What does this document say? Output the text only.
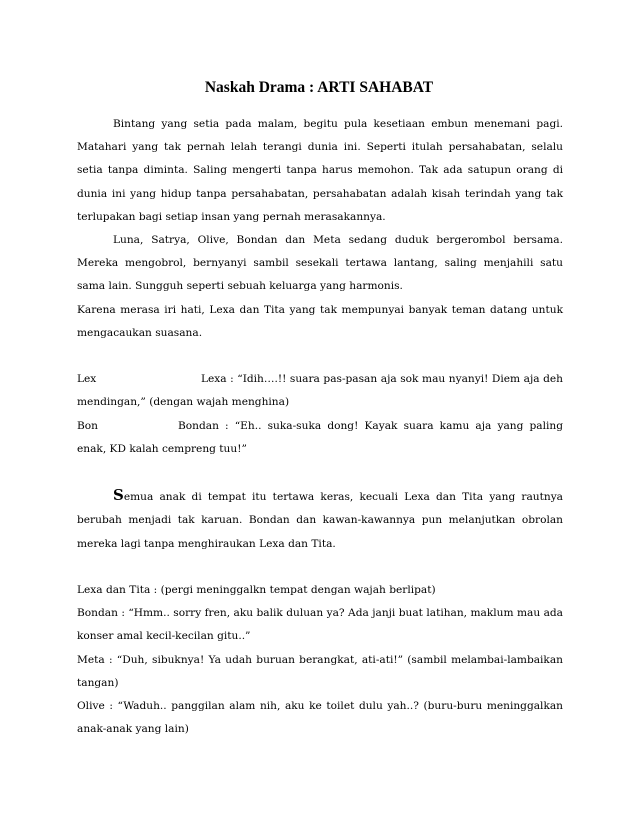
Naskah Drama : ARTI SAHABAT

Bintang yang setia pada malam, begitu pula kesetiaan embun menemani pagi. Matahari yang tak pernah lelah terangi dunia ini. Seperti itulah persahabatan, selalu setia tanpa diminta. Saling mengerti tanpa harus memohon. Tak ada satupun orang di dunia ini yang hidup tanpa persahabatan, persahabatan adalah kisah terindah yang tak terlupakan bagi setiap insan yang pernah merasakannya.

Luna, Satrya, Olive, Bondan dan Meta sedang duduk bergerombol bersama. Mereka mengobrol, bernyanyi sambil sesekali tertawa lantang, saling menjahili satu sama lain. Sungguh seperti sebuah keluarga yang harmonis.

Karena merasa iri hati, Lexa dan Tita yang tak mempunyai banyak teman datang untuk mengacaukan suasana.

Lex	Lexa : “Idih….!! suara pas-pasan aja sok mau nyanyi! Diem aja deh mendingan,” (dengan wajah menghina)

Bon	Bondan : “Eh.. suka-suka dong! Kayak suara kamu aja yang paling enak, KD kalah cempreng tuu!”

Semua anak di tempat itu tertawa keras, kecuali Lexa dan Tita yang rautnya berubah menjadi tak karuan. Bondan dan kawan-kawannya pun melanjutkan obrolan mereka lagi tanpa menghiraukan Lexa dan Tita.

Lexa dan Tita : (pergi meninggalkn tempat dengan wajah berlipat)

Bondan : “Hmm.. sorry fren, aku balik duluan ya? Ada janji buat latihan, maklum mau ada konser amal kecil-kecilan gitu..”

Meta : “Duh, sibuknya! Ya udah buruan berangkat, ati-ati!” (sambil melambai-lambaikan tangan)

Olive : “Waduh.. panggilan alam nih, aku ke toilet dulu yah..? (buru-buru meninggalkan anak-anak yang lain)
